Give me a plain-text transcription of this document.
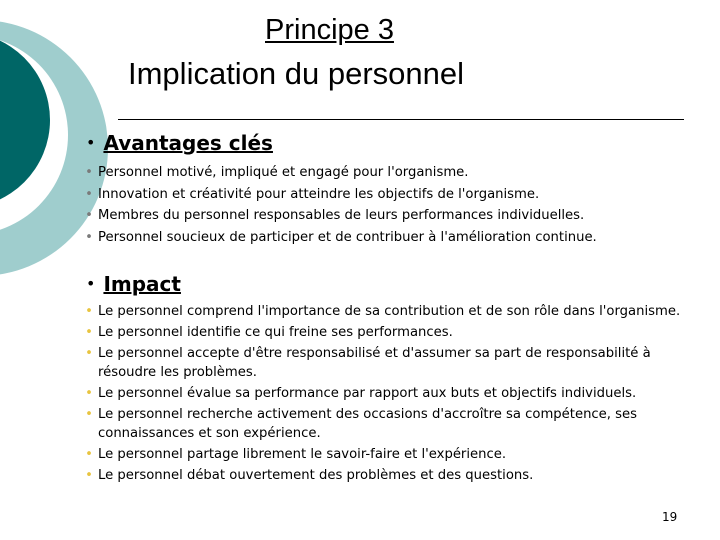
Principe 3
Implication du personnel
• Avantages clés
• Personnel motivé, impliqué et engagé pour l'organisme.
• Innovation et créativité pour atteindre les objectifs de l'organisme.
• Membres du personnel responsables de leurs performances individuelles.
• Personnel soucieux de participer et de contribuer à l'amélioration continue.
• Impact
• Le personnel comprend l'importance de sa contribution et de son rôle dans l'organisme.
• Le personnel identifie ce qui freine ses performances.
• Le personnel accepte d'être responsabilisé et d'assumer sa part de responsabilité à résoudre les problèmes.
• Le personnel évalue sa performance par rapport aux buts et objectifs individuels.
• Le personnel recherche activement des occasions d'accroître sa compétence, ses connaissances et son expérience.
• Le personnel partage librement le savoir-faire et l'expérience.
• Le personnel débat ouvertement des problèmes et des questions.
19
